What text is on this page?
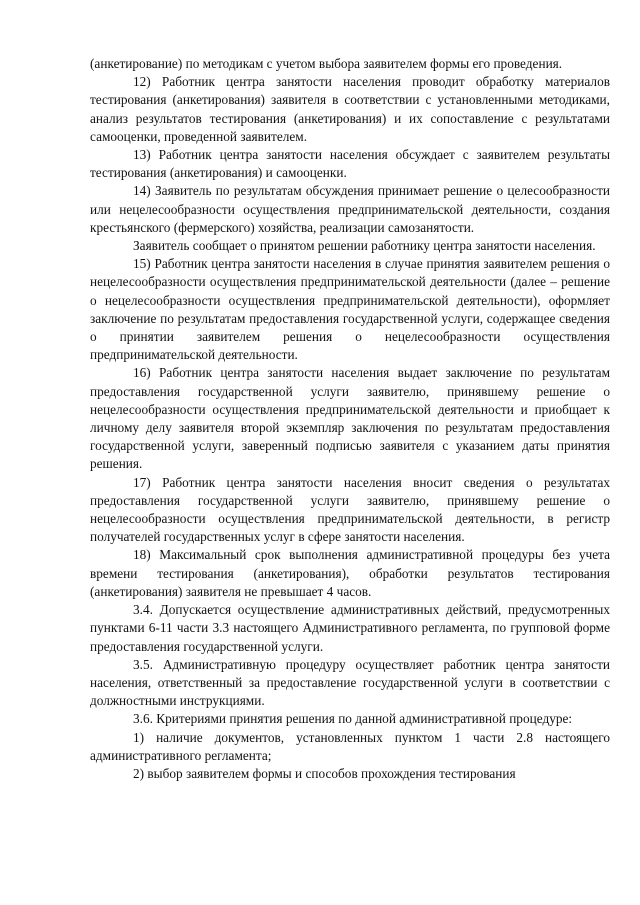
(анкетирование) по методикам с учетом выбора заявителем формы его проведения.

12) Работник центра занятости населения проводит обработку материалов тестирования (анкетирования) заявителя в соответствии с установленными методиками, анализ результатов тестирования (анкетирования) и их сопоставление с результатами самооценки, проведенной заявителем.

13) Работник центра занятости населения обсуждает с заявителем результаты тестирования (анкетирования) и самооценки.

14) Заявитель по результатам обсуждения принимает решение о целесообразности или нецелесообразности осуществления предпринимательской деятельности, создания крестьянского (фермерского) хозяйства, реализации самозанятости.

Заявитель сообщает о принятом решении работнику центра занятости населения.

15) Работник центра занятости населения в случае принятия заявителем решения о нецелесообразности осуществления предпринимательской деятельности (далее – решение о нецелесообразности осуществления предпринимательской деятельности), оформляет заключение по результатам предоставления государственной услуги, содержащее сведения о принятии заявителем решения о нецелесообразности осуществления предпринимательской деятельности.

16) Работник центра занятости населения выдает заключение по результатам предоставления государственной услуги заявителю, принявшему решение о нецелесообразности осуществления предпринимательской деятельности и приобщает к личному делу заявителя второй экземпляр заключения по результатам предоставления государственной услуги, заверенный подписью заявителя с указанием даты принятия решения.

17) Работник центра занятости населения вносит сведения о результатах предоставления государственной услуги заявителю, принявшему решение о нецелесообразности осуществления предпринимательской деятельности, в регистр получателей государственных услуг в сфере занятости населения.

18) Максимальный срок выполнения административной процедуры без учета времени тестирования (анкетирования), обработки результатов тестирования (анкетирования) заявителя не превышает 4 часов.

3.4. Допускается осуществление административных действий, предусмотренных пунктами 6-11 части 3.3 настоящего Административного регламента, по групповой форме предоставления государственной услуги.

3.5. Административную процедуру осуществляет работник центра занятости населения, ответственный за предоставление государственной услуги в соответствии с должностными инструкциями.

3.6. Критериями принятия решения по данной административной процедуре:

1) наличие документов, установленных пунктом 1 части 2.8 настоящего административного регламента;

2) выбор заявителем формы и способов прохождения тестирования
